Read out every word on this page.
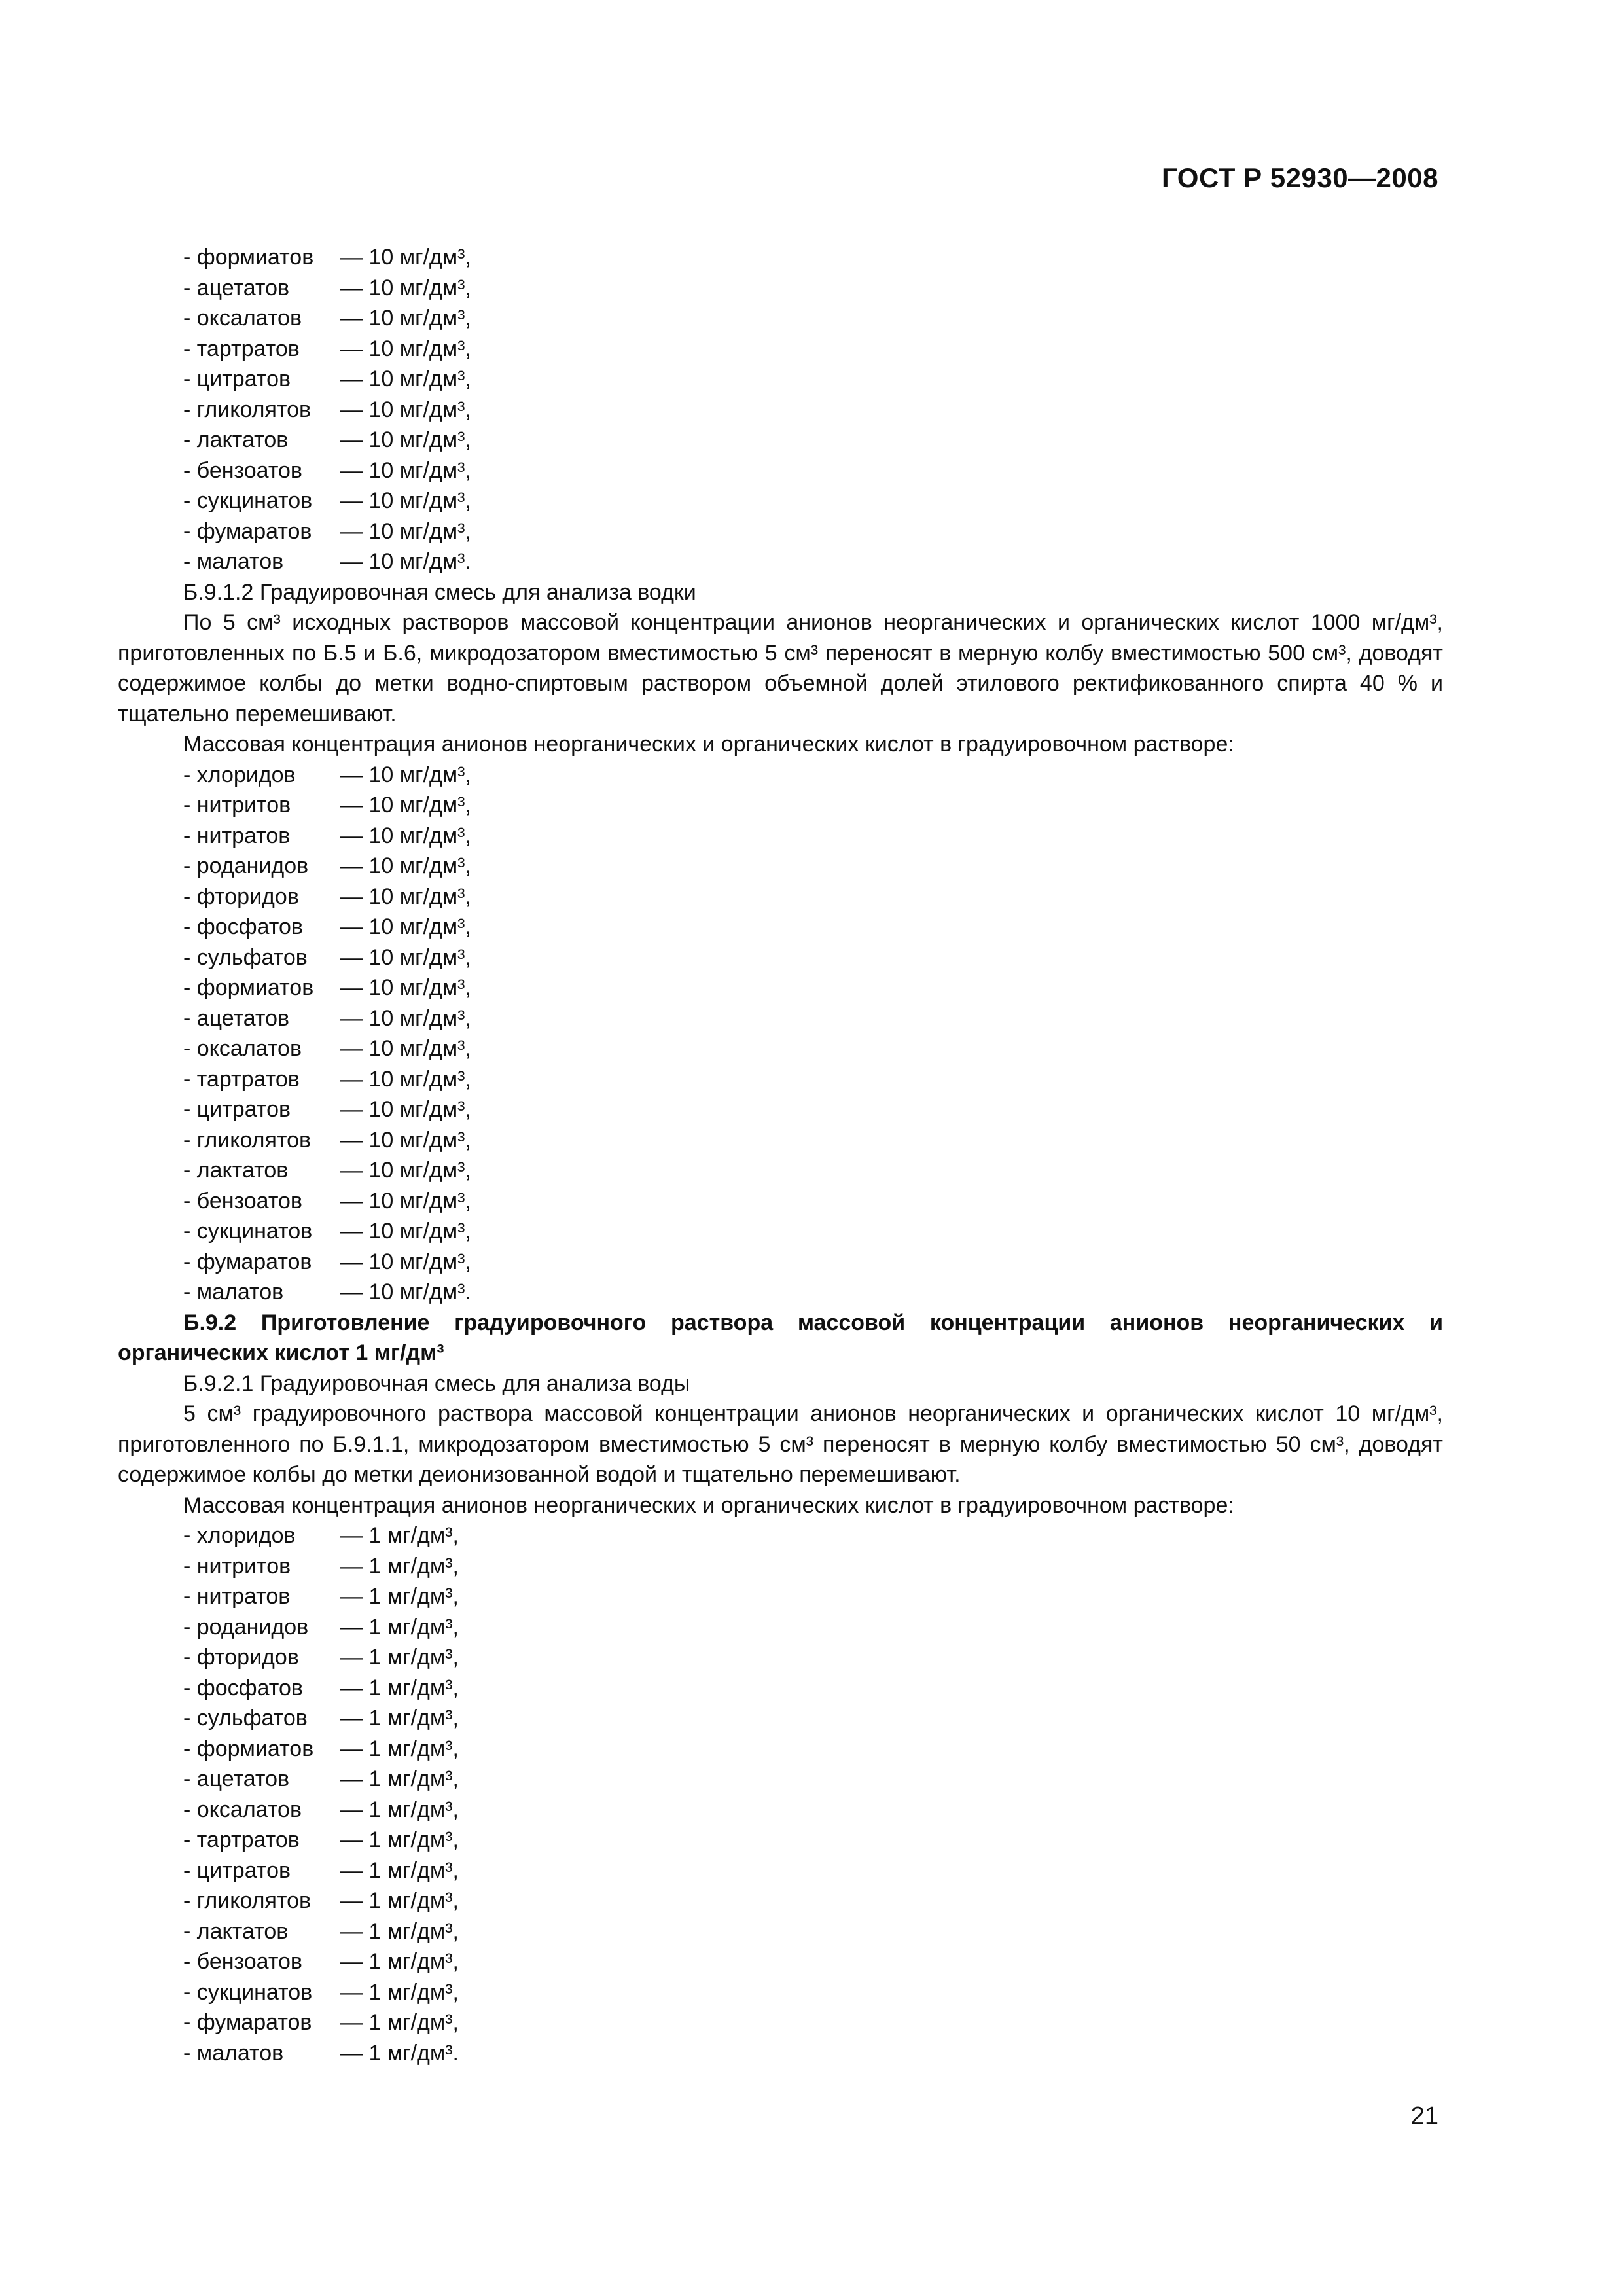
ГОСТ Р 52930—2008
- формиатов	— 10 мг/дм³,
- ацетатов	— 10 мг/дм³,
- оксалатов	— 10 мг/дм³,
- тартратов	— 10 мг/дм³,
- цитратов	— 10 мг/дм³,
- гликолятов	— 10 мг/дм³,
- лактатов	— 10 мг/дм³,
- бензоатов	— 10 мг/дм³,
- сукцинатов	— 10 мг/дм³,
- фумаратов	— 10 мг/дм³,
- малатов	— 10 мг/дм³.
Б.9.1.2 Градуировочная смесь для анализа водки

По 5 см³ исходных растворов массовой концентрации анионов неорганических и органических кислот 1000 мг/дм³, приготовленных по Б.5 и Б.6, микродозатором вместимостью 5 см³ переносят в мерную колбу вместимостью 500 см³, доводят содержимое колбы до метки водно-спиртовым раствором объемной долей этилового ректификованного спирта 40 % и тщательно перемешивают.

Массовая концентрация анионов неорганических и органических кислот в градуировочном растворе:
- хлоридов	— 10 мг/дм³,
- нитритов	— 10 мг/дм³,
- нитратов	— 10 мг/дм³,
- роданидов	— 10 мг/дм³,
- фторидов	— 10 мг/дм³,
- фосфатов	— 10 мг/дм³,
- сульфатов	— 10 мг/дм³,
- формиатов	— 10 мг/дм³,
- ацетатов	— 10 мг/дм³,
- оксалатов	— 10 мг/дм³,
- тартратов	— 10 мг/дм³,
- цитратов	— 10 мг/дм³,
- гликолятов	— 10 мг/дм³,
- лактатов	— 10 мг/дм³,
- бензоатов	— 10 мг/дм³,
- сукцинатов	— 10 мг/дм³,
- фумаратов	— 10 мг/дм³,
- малатов	— 10 мг/дм³.

Б.9.2 Приготовление градуировочного раствора массовой концентрации анионов неорганических и органических кислот 1 мг/дм³

Б.9.2.1 Градуировочная смесь для анализа воды

5 см³ градуировочного раствора массовой концентрации анионов неорганических и органических кислот 10 мг/дм³, приготовленного по Б.9.1.1, микродозатором вместимостью 5 см³ переносят в мерную колбу вместимостью 50 см³, доводят содержимое колбы до метки деионизованной водой и тщательно перемешивают.

Массовая концентрация анионов неорганических и органических кислот в градуировочном растворе:
- хлоридов	— 1 мг/дм³,
- нитритов	— 1 мг/дм³,
- нитратов	— 1 мг/дм³,
- роданидов	— 1 мг/дм³,
- фторидов	— 1 мг/дм³,
- фосфатов	— 1 мг/дм³,
- сульфатов	— 1 мг/дм³,
- формиатов	— 1 мг/дм³,
- ацетатов	— 1 мг/дм³,
- оксалатов	— 1 мг/дм³,
- тартратов	— 1 мг/дм³,
- цитратов	— 1 мг/дм³,
- гликолятов	— 1 мг/дм³,
- лактатов	— 1 мг/дм³,
- бензоатов	— 1 мг/дм³,
- сукцинатов	— 1 мг/дм³,
- фумаратов	— 1 мг/дм³,
- малатов	— 1 мг/дм³.
21
